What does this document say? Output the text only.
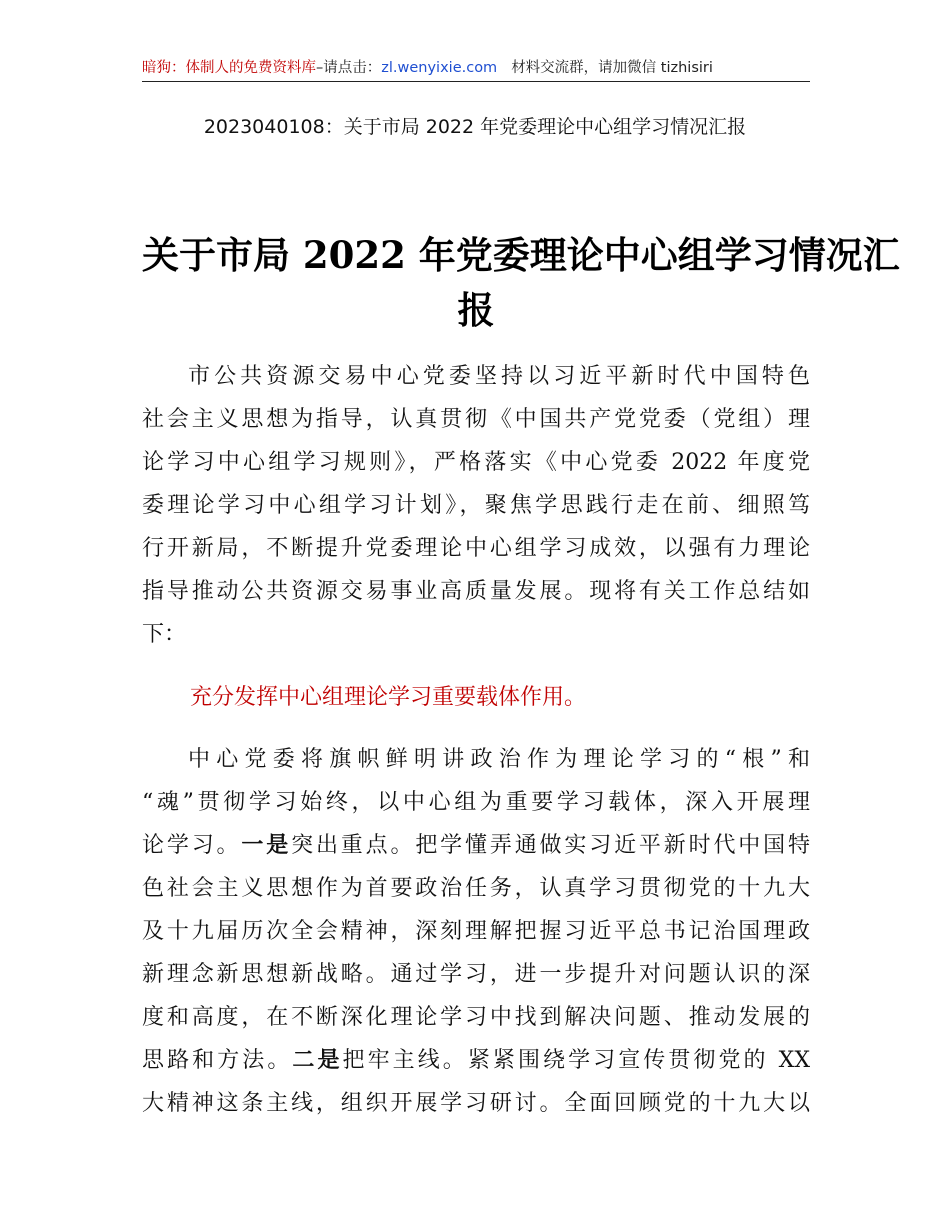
暗狗：体制人的免费资料库–请点击：zl.wenyixie.com 材料交流群，请加微信 tizhisiri
2023040108：关于市局 2022 年党委理论中心组学习情况汇报
关于市局 2022 年党委理论中心组学习情况汇
报
市公共资源交易中心党委坚持以习近平新时代中国特色
社会主义思想为指导，认真贯彻《中国共产党党委（党组）理
论学习中心组学习规则》，严格落实《中心党委 2022 年度党
委理论学习中心组学习计划》，聚焦学思践行走在前、细照笃
行开新局，不断提升党委理论中心组学习成效，以强有力理论
指导推动公共资源交易事业高质量发展。现将有关工作总结如
下：
充分发挥中心组理论学习重要载体作用。
中心党委将旗帜鲜明讲政治作为理论学习的“根”和
“魂”贯彻学习始终，以中心组为重要学习载体，深入开展理
论学习。一是突出重点。把学懂弄通做实习近平新时代中国特
色社会主义思想作为首要政治任务，认真学习贯彻党的十九大
及十九届历次全会精神，深刻理解把握习近平总书记治国理政
新理念新思想新战略。通过学习，进一步提升对问题认识的深
度和高度，在不断深化理论学习中找到解决问题、推动发展的
思路和方法。二是把牢主线。紧紧围绕学习宣传贯彻党的 XX
大精神这条主线，组织开展学习研讨。全面回顾党的十九大以
